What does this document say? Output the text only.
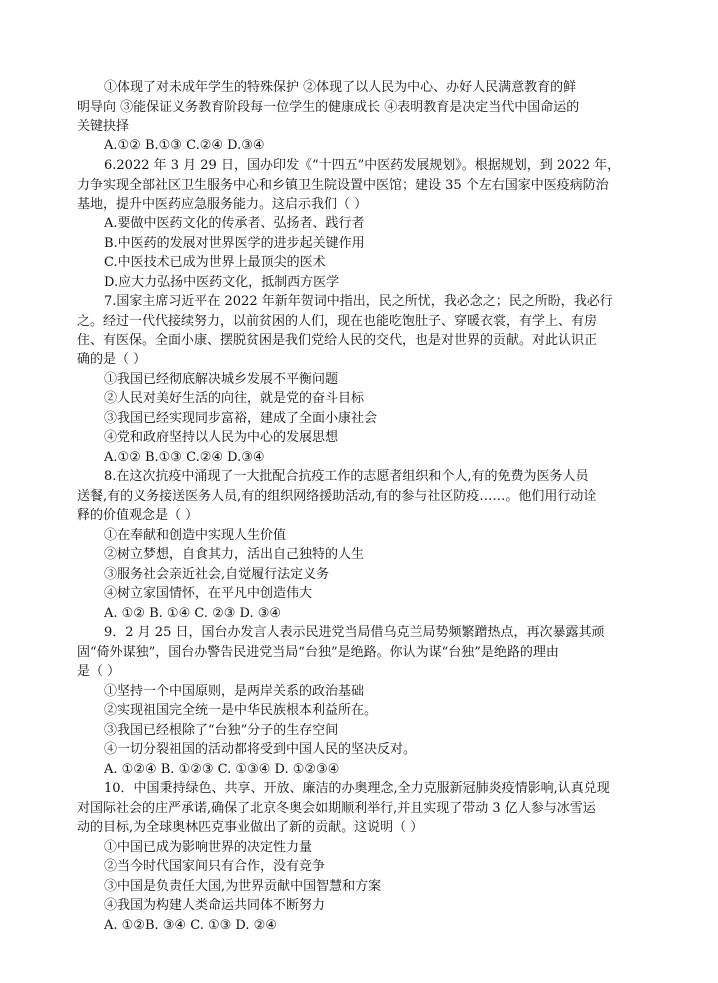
①体现了对未成年学生的特殊保护 ②体现了以人民为中心、办好人民满意教育的鲜
明导向 ③能保证义务教育阶段每一位学生的健康成长 ④表明教育是决定当代中国命运的
关键抉择
A.①② B.①③ C.②④ D.③④
6.2022 年 3 月 29 日，国办印发《“十四五”中医药发展规划》。根据规划，到 2022 年，
力争实现全部社区卫生服务中心和乡镇卫生院设置中医馆；建设 35 个左右国家中医疫病防治
基地，提升中医药应急服务能力。这启示我们（ ）
A.要做中医药文化的传承者、弘扬者、践行者
B.中医药的发展对世界医学的进步起关键作用
C.中医技术已成为世界上最顶尖的医术
D.应大力弘扬中医药文化，抵制西方医学
7.国家主席习近平在 2022 年新年贺词中指出，民之所忧，我必念之；民之所盼，我必行
之。经过一代代接续努力，以前贫困的人们，现在也能吃饱肚子、穿暖衣裳，有学上、有房
住、有医保。全面小康、摆脱贫困是我们党给人民的交代，也是对世界的贡献。对此认识正
确的是（ ）
①我国已经彻底解决城乡发展不平衡问题
②人民对美好生活的向往，就是党的奋斗目标
③我国已经实现同步富裕，建成了全面小康社会
④党和政府坚持以人民为中心的发展思想
A.①② B.①③ C.②④ D.③④
8.在这次抗疫中涌现了一大批配合抗疫工作的志愿者组织和个人,有的免费为医务人员
送餐,有的义务接送医务人员,有的组织网络援助活动,有的参与社区防疫……。他们用行动诠
释的价值观念是（ ）
①在奉献和创造中实现人生价值
②树立梦想，自食其力，活出自己独特的人生
③服务社会亲近社会,自觉履行法定义务
④树立家国情怀，在平凡中创造伟大
A. ①② B. ①④ C. ②③ D. ③④
9．2 月 25 日，国台办发言人表示民进党当局借乌克兰局势频繁蹭热点，再次暴露其顽
固“倚外谋独”，国台办警告民进党当局“台独”是绝路。你认为谋“台独”是绝路的理由
是（ ）
①坚持一个中国原则，是两岸关系的政治基础
②实现祖国完全统一是中华民族根本利益所在。
③我国已经根除了“台独”分子的生存空间
④一切分裂祖国的活动都将受到中国人民的坚决反对。
A. ①②④ B. ①②③ C. ①③④ D. ①②③④
10．中国秉持绿色、共享、开放、廉洁的办奥理念,全力克服新冠肺炎疫情影响,认真兑现
对国际社会的庄严承诺,确保了北京冬奥会如期顺利举行,并且实现了带动 3 亿人参与冰雪运
动的目标,为全球奥林匹克事业做出了新的贡献。这说明（ ）
①中国已成为影响世界的决定性力量
②当今时代国家间只有合作，没有竞争
③中国是负责任大国,为世界贡献中国智慧和方案
④我国为构建人类命运共同体不断努力
A. ①②B. ③④ C. ①③ D. ②④
